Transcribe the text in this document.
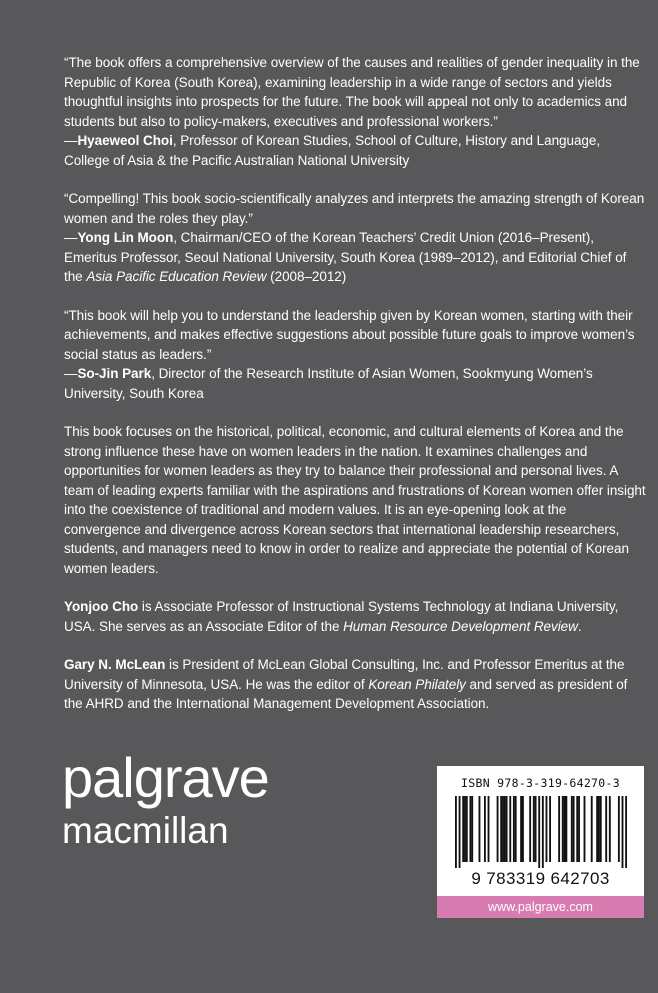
“The book offers a comprehensive overview of the causes and realities of gender inequality in the Republic of Korea (South Korea), examining leadership in a wide range of sectors and yields thoughtful insights into prospects for the future. The book will appeal not only to academics and students but also to policy-makers, executives and professional workers.”

—Hyaeweol Choi, Professor of Korean Studies, School of Culture, History and Language, College of Asia & the Pacific Australian National University

“Compelling! This book socio-scientifically analyzes and interprets the amazing strength of Korean women and the roles they play.”

—Yong Lin Moon, Chairman/CEO of the Korean Teachers’ Credit Union (2016–Present), Emeritus Professor, Seoul National University, South Korea (1989–2012), and Editorial Chief of the Asia Pacific Education Review (2008–2012)

“This book will help you to understand the leadership given by Korean women, starting with their achievements, and makes effective suggestions about possible future goals to improve women’s social status as leaders.”

—So-Jin Park, Director of the Research Institute of Asian Women, Sookmyung Women’s University, South Korea

This book focuses on the historical, political, economic, and cultural elements of Korea and the strong influence these have on women leaders in the nation. It examines challenges and opportunities for women leaders as they try to balance their professional and personal lives. A team of leading experts familiar with the aspirations and frustrations of Korean women offer insight into the coexistence of traditional and modern values. It is an eye-opening look at the convergence and divergence across Korean sectors that international leadership researchers, students, and managers need to know in order to realize and appreciate the potential of Korean women leaders.

Yonjoo Cho is Associate Professor of Instructional Systems Technology at Indiana University, USA. She serves as an Associate Editor of the Human Resource Development Review.

Gary N. McLean is President of McLean Global Consulting, Inc. and Professor Emeritus at the University of Minnesota, USA. He was the editor of Korean Philately and served as president of the AHRD and the International Management Development Association.

palgrave
macmillan
ISBN 978-3-319-64270-3
9 783319 642703
www.palgrave.com
